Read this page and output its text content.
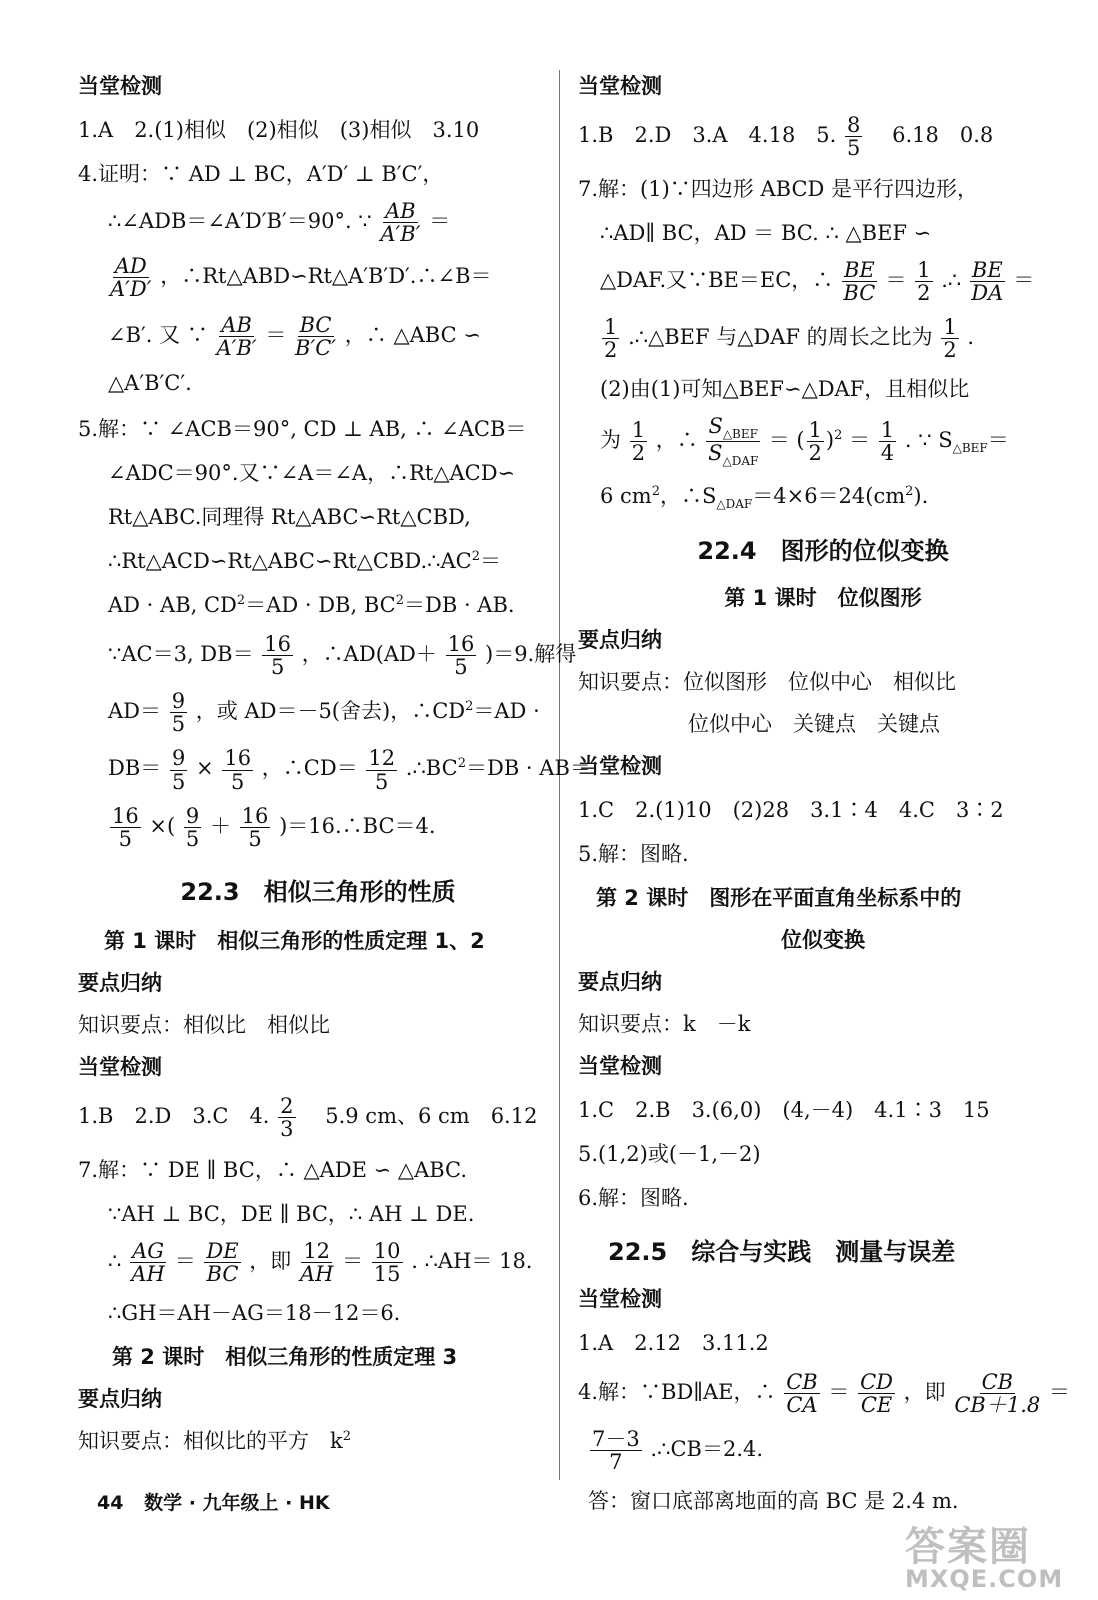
当堂检测
1.A　2.(1)相似　(2)相似　(3)相似　3.10
4.证明：∵ AD ⊥ BC，A′D′ ⊥ B′C′，
∴∠ADB＝∠A′D′B′＝90°. ∵ $\frac{AB}{A'B'}$ ＝
$\frac{AD}{A'D'}$ ，∴Rt△ABD∽Rt△A′B′D′.∴∠B＝
∠B′. 又 ∵ $\frac{AB}{A'B'} = \frac{BC}{B'C'}$ ，∴ △ABC ∽
△A′B′C′.
5.解：∵ ∠ACB＝90°, CD ⊥ AB, ∴ ∠ACB＝
∠ADC＝90°.又∵∠A＝∠A，∴Rt△ACD∽
Rt△ABC.同理得 Rt△ABC∽Rt△CBD,
$\therefore Rt\triangle ACD∽Rt\triangle ABC∽Rt\triangle CBD.\therefore AC^2=$
AD · AB, $CD^2=AD$ · DB, $BC^2=DB$ · AB.
∵AC＝3, $DB= \frac{16}{5}$ ，∴AD(AD＋ $\frac{16}{5} )=9$.解得
$AD= \frac{9}{5}$ ，或 AD＝－5(舍去)，$\therefore CD^2=AD$ ·
$DB= \frac{9}{5} \times \frac{16}{5}$ ，∴CD＝ $\frac{12}{5}$ $.\therefore BC^2=DB \cdot AB=$
$\frac{16}{5}$ ×( $\frac{9}{5} + \frac{16}{5}$ )＝16.∴BC＝4.
22.3　相似三角形的性质
第 1 课时　相似三角形的性质定理 1、2
要点归纳
知识要点：相似比　相似比
当堂检测
1.B　2.D　3.C　4. $\frac{2}{3}$ 　5.9 cm、6 cm　6.12
7.解：∵ DE ∥ BC，∴ △ADE ∽ △ABC.
∵AH ⊥ BC，DE ∥ BC，∴ AH ⊥ DE.
∴ $\frac{AG}{AH} = \frac{DE}{BC}$ ，即 $\frac{12}{AH} = \frac{10}{15}$ . ∴AH＝ 18.
∴GH＝AH－AG＝18－12＝6.
第 2 课时　相似三角形的性质定理 3
要点归纳
知识要点：相似比的平方　$k^2$
当堂检测
1.B　2.D　3.A　4.18　5. $\frac{8}{5}$ 　6.18　0.8
7.解：(1)∵四边形 ABCD 是平行四边形，
∴AD∥ BC，AD ＝ BC. ∴ △BEF ∽
△DAF.又∵BE＝EC，∴ $\frac{BE}{BC} = \frac{1}{2}$ .∴ $\frac{BE}{DA}$ ＝
$\frac{1}{2}$ .∴△BEF 与△DAF 的周长之比为 $\frac{1}{2}$ .
(2)由(1)可知△BEF∽△DAF，且相似比
为 $\frac{1}{2}$ ，∴
$S_{\triangle BEF}$
$S_{\triangle DAF}$
＝ ( $\frac{1}{2} )^2 = \frac{1}{4}$ . ∵ $S_{\triangle BEF}=$
6 $cm^2$，$\therefore S_{\triangle DAF}=4\times 6=24(cm^2)$.
22.4　图形的位似变换
第 1 课时　位似图形
要点归纳
知识要点：位似图形　位似中心　相似比
位似中心　关键点　关键点
当堂检测
1.C　2.(1)10　(2)28　3.1∶4　4.C　3∶2
5.解：图略.
第 2 课时　图形在平面直角坐标系中的
位似变换
要点归纳
知识要点：k　－k
当堂检测
1.C　2.B　3.(6,0)　(4,－4)　4.1∶3　15
5.(1,2)或(－1,－2)
6.解：图略.
22.5　综合与实践　测量与误差
当堂检测
1.A　2.12　3.11.2
4.解：∵BD∥AE，∴ $\frac{CB}{CA} = \frac{CD}{CE}$ ，即 $\frac{CB}{CB+1.8}$ ＝
$\frac{7-3}{7}$ .∴CB＝2.4.
答：窗口底部离地面的高 BC 是 2.4 m.
44 数学 · 九年级上 · HK
答案圈
MXQE.COM
